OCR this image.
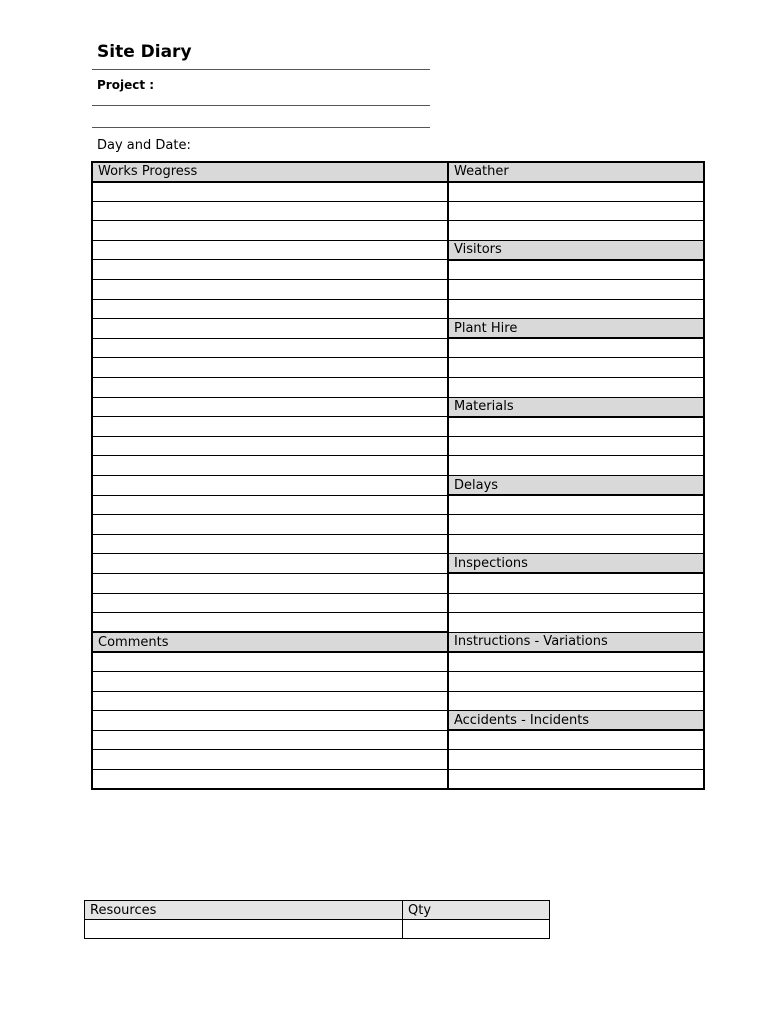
Site Diary
Project :
Day and Date:
Works Progress	Weather

	Visitors

	Plant Hire

	Materials

	Delays

	Inspections

Comments	Instructions - Variations

	Accidents - Incidents

Resources	Qty
